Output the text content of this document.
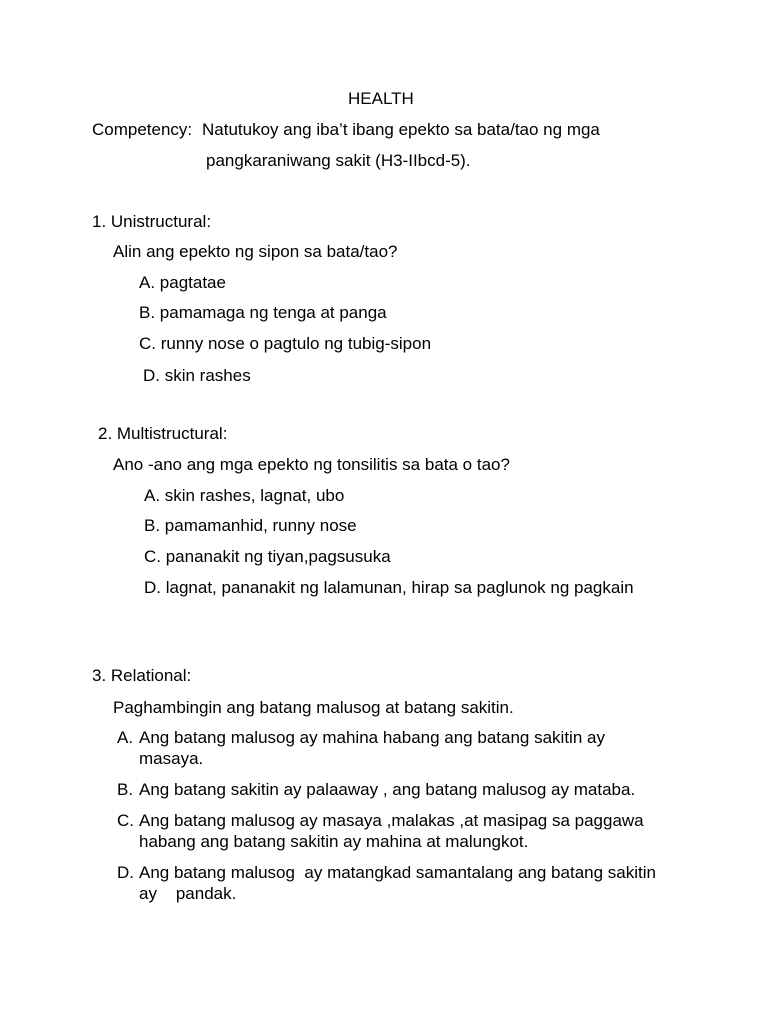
HEALTH
Competency: Natutukoy ang iba’t ibang epekto sa bata/tao ng mga
pangkaraniwang sakit (H3-IIbcd-5).
1. Unistructural:
Alin ang epekto ng sipon sa bata/tao?
A. pagtatae
B. pamamaga ng tenga at panga
C. runny nose o pagtulo ng tubig-sipon
D. skin rashes
2. Multistructural:
Ano -ano ang mga epekto ng tonsilitis sa bata o tao?
A. skin rashes, lagnat, ubo
B. pamamanhid, runny nose
C. pananakit ng tiyan,pagsusuka
D. lagnat, pananakit ng lalamunan, hirap sa paglunok ng pagkain
3. Relational:
Paghambingin ang batang malusog at batang sakitin.
A. Ang batang malusog ay mahina habang ang batang sakitin ay masaya.
B. Ang batang sakitin ay palaaway , ang batang malusog ay mataba.
C. Ang batang malusog ay masaya ,malakas ,at masipag sa paggawa habang ang batang sakitin ay mahina at malungkot.
D. Ang batang malusog  ay matangkad samantalang ang batang sakitin ay    pandak.
